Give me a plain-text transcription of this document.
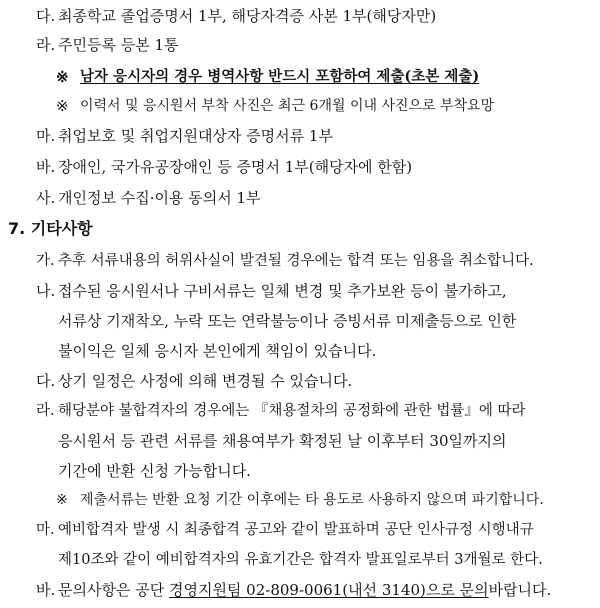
다. 최종학교 졸업증명서 1부, 해당자격증 사본 1부(해당자만)
라. 주민등록 등본 1통
※ 남자 응시자의 경우 병역사항 반드시 포함하여 제출(초본 제출)
※ 이력서 및 응시원서 부착 사진은 최근 6개월 이내 사진으로 부착요망
마. 취업보호 및 취업지원대상자 증명서류 1부
바. 장애인, 국가유공장애인 등 증명서 1부(해당자에 한함)
사. 개인정보 수집·이용 동의서 1부
7. 기타사항
가. 추후 서류내용의 허위사실이 발견될 경우에는 합격 또는 임용을 취소합니다.
나. 접수된 응시원서나 구비서류는 일체 변경 및 추가보완 등이 불가하고,
서류상 기재착오, 누락 또는 연락불능이나 증빙서류 미제출등으로 인한
불이익은 일체 응시자 본인에게 책임이 있습니다.
다. 상기 일정은 사정에 의해 변경될 수 있습니다.
라. 해당분야 불합격자의 경우에는 『채용절차의 공정화에 관한 법률』에 따라
응시원서 등 관련 서류를 채용여부가 확정된 날 이후부터 30일까지의
기간에 반환 신청 가능합니다.
※ 제출서류는 반환 요청 기간 이후에는 타 용도로 사용하지 않으며 파기합니다.
마. 예비합격자 발생 시 최종합격 공고와 같이 발표하며 공단 인사규정 시행내규
제10조와 같이 예비합격자의 유효기간은 합격자 발표일로부터 3개월로 한다.
바. 문의사항은 공단 경영지원팀 02-809-0061(내선 3140)으로 문의바랍니다.
